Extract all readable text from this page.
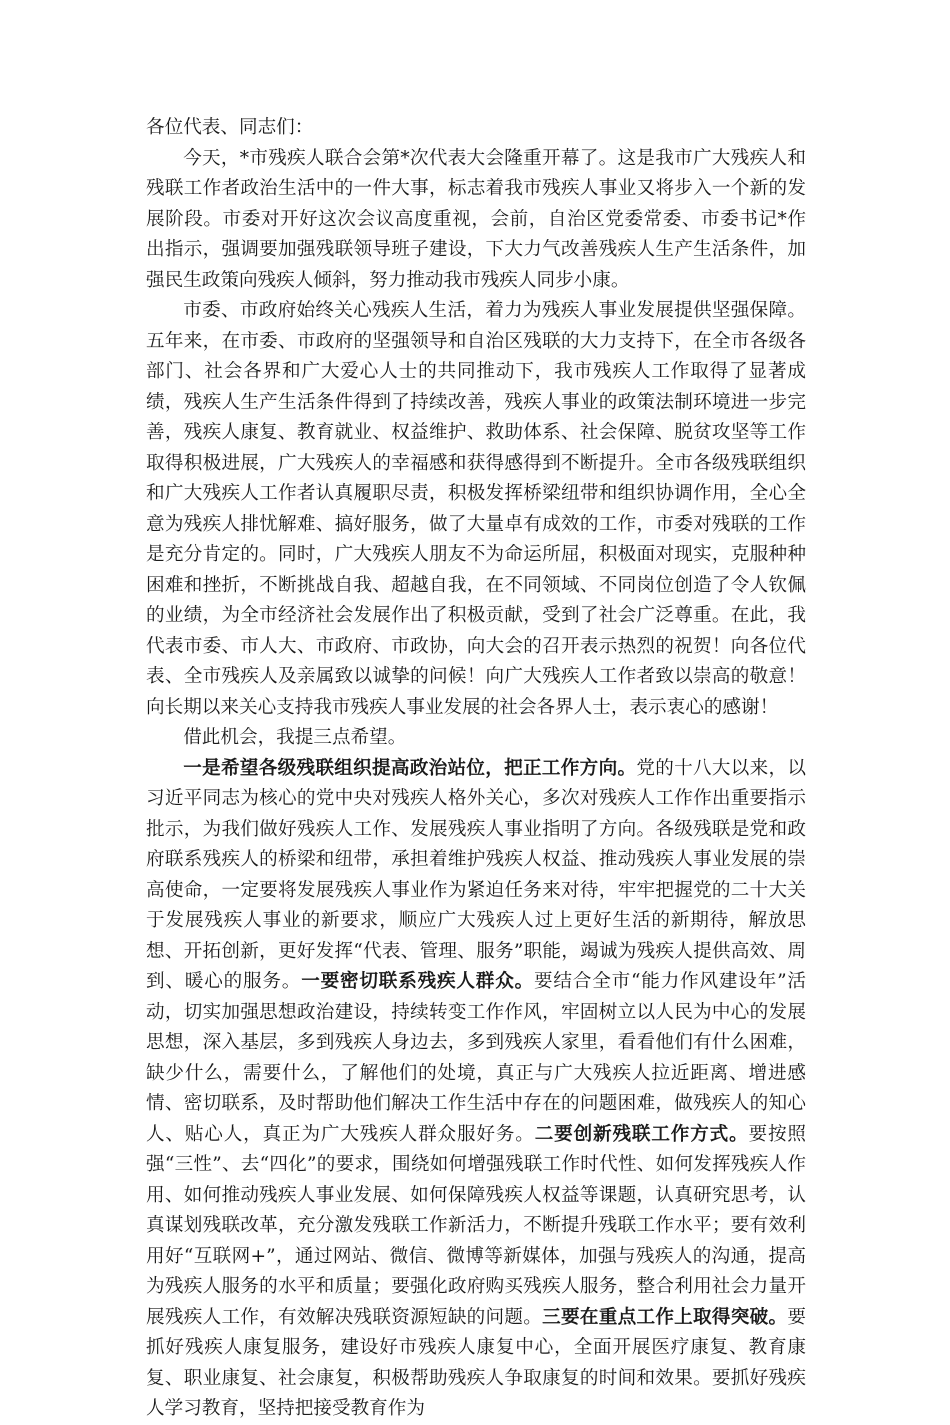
各位代表、同志们：

今天，*市残疾人联合会第*次代表大会隆重开幕了。这是我市广大残疾人和残联工作者政治生活中的一件大事，标志着我市残疾人事业又将步入一个新的发展阶段。市委对开好这次会议高度重视，会前，自治区党委常委、市委书记*作出指示，强调要加强残联领导班子建设，下大力气改善残疾人生产生活条件，加强民生政策向残疾人倾斜，努力推动我市残疾人同步小康。

市委、市政府始终关心残疾人生活，着力为残疾人事业发展提供坚强保障。五年来，在市委、市政府的坚强领导和自治区残联的大力支持下，在全市各级各部门、社会各界和广大爱心人士的共同推动下，我市残疾人工作取得了显著成绩，残疾人生产生活条件得到了持续改善，残疾人事业的政策法制环境进一步完善，残疾人康复、教育就业、权益维护、救助体系、社会保障、脱贫攻坚等工作取得积极进展，广大残疾人的幸福感和获得感得到不断提升。全市各级残联组织和广大残疾人工作者认真履职尽责，积极发挥桥梁纽带和组织协调作用，全心全意为残疾人排忧解难、搞好服务，做了大量卓有成效的工作，市委对残联的工作是充分肯定的。同时，广大残疾人朋友不为命运所屈，积极面对现实，克服种种困难和挫折，不断挑战自我、超越自我，在不同领域、不同岗位创造了令人钦佩的业绩，为全市经济社会发展作出了积极贡献，受到了社会广泛尊重。在此，我代表市委、市人大、市政府、市政协，向大会的召开表示热烈的祝贺！向各位代表、全市残疾人及亲属致以诚挚的问候！向广大残疾人工作者致以崇高的敬意！向长期以来关心支持我市残疾人事业发展的社会各界人士，表示衷心的感谢！

借此机会，我提三点希望。

一是希望各级残联组织提高政治站位，把正工作方向。党的十八大以来，以习近平同志为核心的党中央对残疾人格外关心，多次对残疾人工作作出重要指示批示，为我们做好残疾人工作、发展残疾人事业指明了方向。各级残联是党和政府联系残疾人的桥梁和纽带，承担着维护残疾人权益、推动残疾人事业发展的崇高使命，一定要将发展残疾人事业作为紧迫任务来对待，牢牢把握党的二十大关于发展残疾人事业的新要求，顺应广大残疾人过上更好生活的新期待，解放思想、开拓创新，更好发挥“代表、管理、服务”职能，竭诚为残疾人提供高效、周到、暖心的服务。一要密切联系残疾人群众。要结合全市“能力作风建设年”活动，切实加强思想政治建设，持续转变工作作风，牢固树立以人民为中心的发展思想，深入基层，多到残疾人身边去，多到残疾人家里，看看他们有什么困难，缺少什么，需要什么，了解他们的处境，真正与广大残疾人拉近距离、增进感情、密切联系，及时帮助他们解决工作生活中存在的问题困难，做残疾人的知心人、贴心人，真正为广大残疾人群众服好务。二要创新残联工作方式。要按照强“三性”、去“四化”的要求，围绕如何增强残联工作时代性、如何发挥残疾人作用、如何推动残疾人事业发展、如何保障残疾人权益等课题，认真研究思考，认真谋划残联改革，充分激发残联工作新活力，不断提升残联工作水平；要有效利用好“互联网+”，通过网站、微信、微博等新媒体，加强与残疾人的沟通，提高为残疾人服务的水平和质量；要强化政府购买残疾人服务，整合利用社会力量开展残疾人工作，有效解决残联资源短缺的问题。三要在重点工作上取得突破。要抓好残疾人康复服务，建设好市残疾人康复中心，全面开展医疗康复、教育康复、职业康复、社会康复，积极帮助残疾人争取康复的时间和效果。要抓好残疾人学习教育，坚持把接受教育作为
